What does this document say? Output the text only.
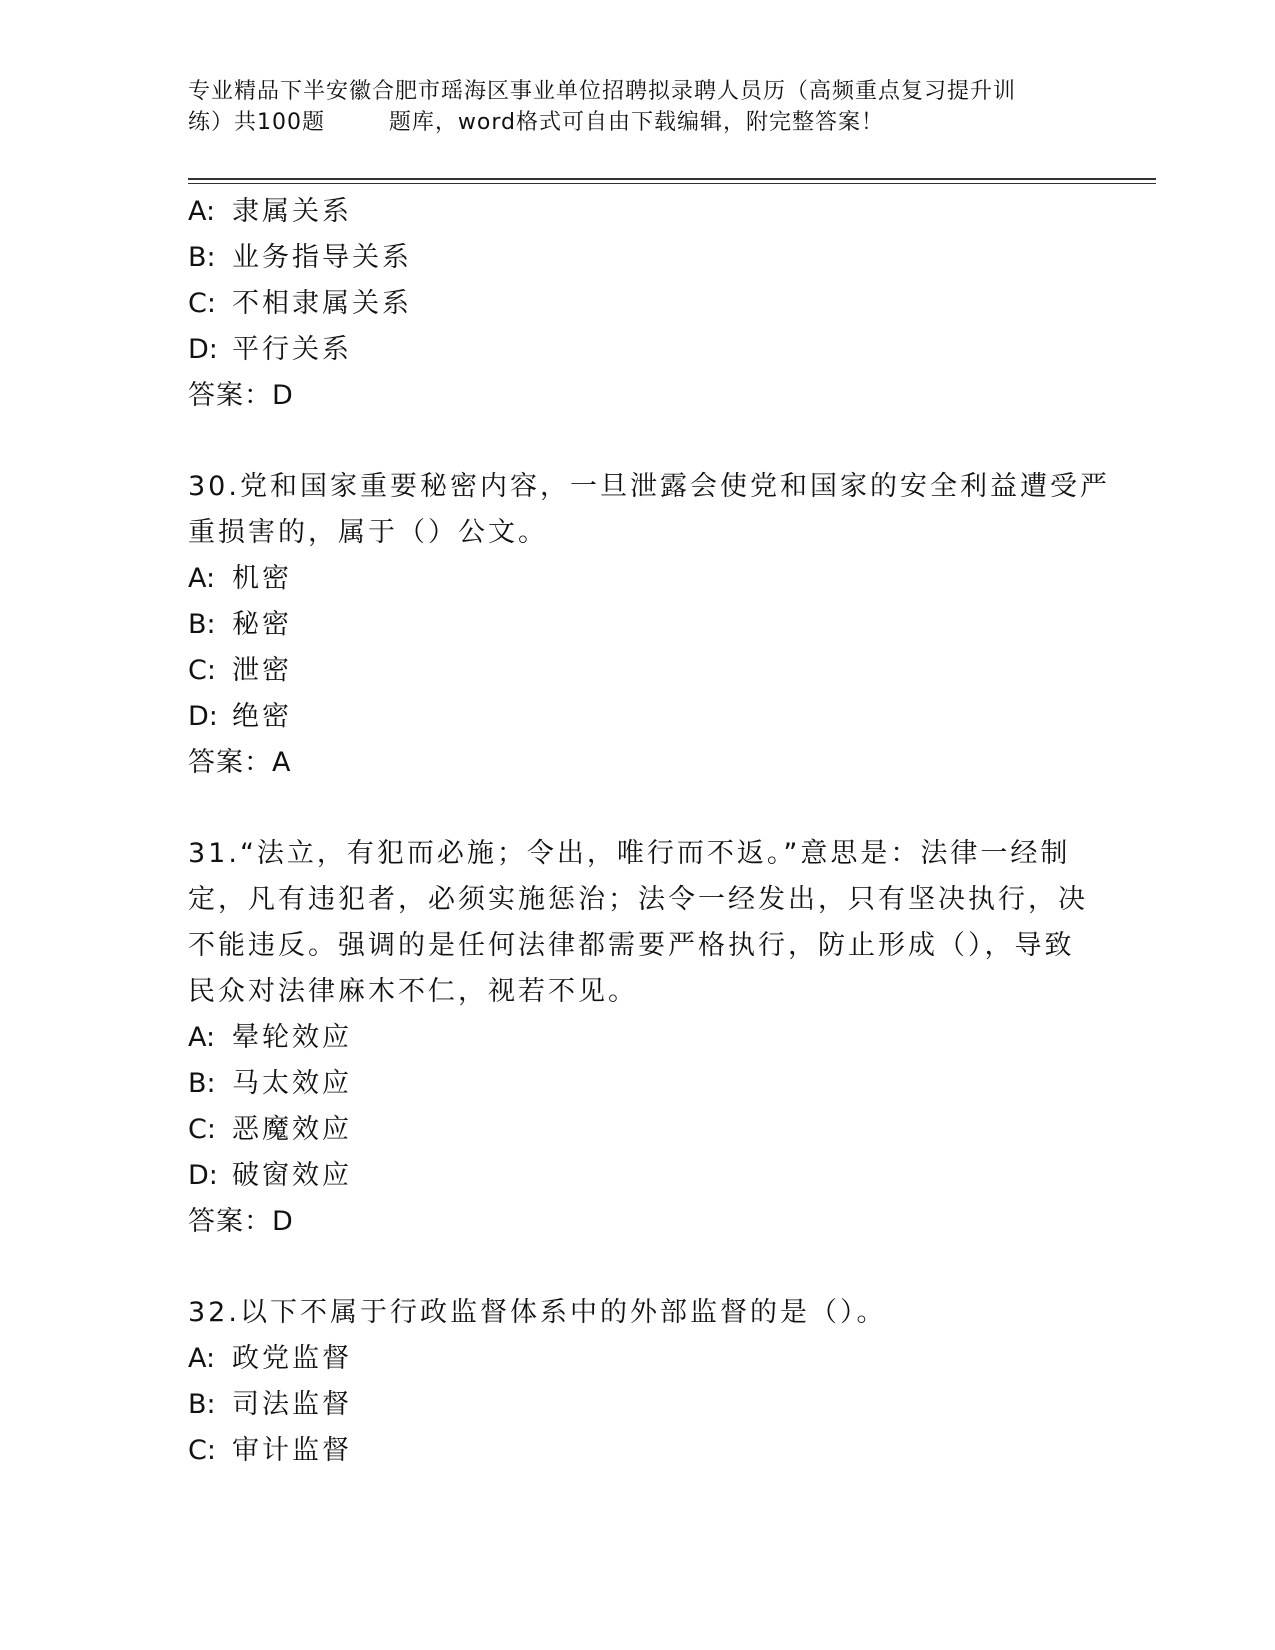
专业精品下半安徽合肥市瑶海区事业单位招聘拟录聘人员历（高频重点复习提升训
练）共100题        题库，word格式可自由下载编辑，附完整答案！
A: 隶属关系
B: 业务指导关系
C: 不相隶属关系
D: 平行关系
答案：D
30.党和国家重要秘密内容，一旦泄露会使党和国家的安全利益遭受严
重损害的，属于（）公文。
A: 机密
B: 秘密
C: 泄密
D: 绝密
答案：A
31.“法立，有犯而必施；令出，唯行而不返。”意思是：法律一经制
定，凡有违犯者，必须实施惩治；法令一经发出，只有坚决执行，决
不能违反。强调的是任何法律都需要严格执行，防止形成（），导致
民众对法律麻木不仁，视若不见。
A: 晕轮效应
B: 马太效应
C: 恶魔效应
D: 破窗效应
答案：D
32.以下不属于行政监督体系中的外部监督的是（）。
A: 政党监督
B: 司法监督
C: 审计监督
